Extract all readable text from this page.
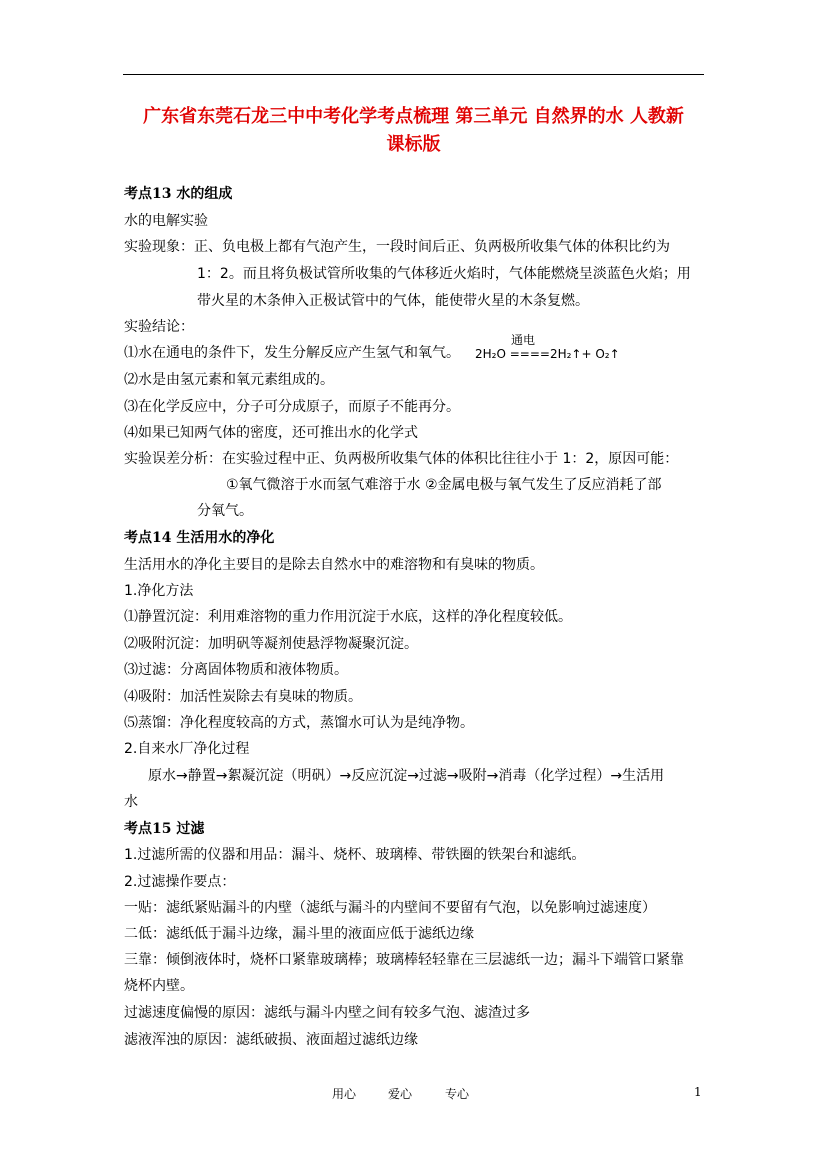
广东省东莞石龙三中中考化学考点梳理 第三单元 自然界的水 人教新
课标版
考点13 水的组成
水的电解实验
实验现象：正、负电极上都有气泡产生，一段时间后正、负两极所收集气体的体积比约为
1：2。而且将负极试管所收集的气体移近火焰时，气体能燃烧呈淡蓝色火焰；用
带火星的木条伸入正极试管中的气体，能使带火星的木条复燃。
实验结论：
⑴水在通电的条件下，发生分解反应产生氢气和氧气。
通电
2H₂O ====2H₂↑+ O₂↑
⑵水是由氢元素和氧元素组成的。
⑶在化学反应中，分子可分成原子，而原子不能再分。
⑷如果已知两气体的密度，还可推出水的化学式
实验误差分析：在实验过程中正、负两极所收集气体的体积比往往小于 1：2，原因可能：
①氧气微溶于水而氢气难溶于水 ②金属电极与氧气发生了反应消耗了部
分氧气。
考点14 生活用水的净化
生活用水的净化主要目的是除去自然水中的难溶物和有臭味的物质。
1.净化方法
⑴静置沉淀：利用难溶物的重力作用沉淀于水底，这样的净化程度较低。
⑵吸附沉淀：加明矾等凝剂使悬浮物凝聚沉淀。
⑶过滤：分离固体物质和液体物质。
⑷吸附：加活性炭除去有臭味的物质。
⑸蒸馏：净化程度较高的方式，蒸馏水可认为是纯净物。
2.自来水厂净化过程
原水→静置→絮凝沉淀（明矾）→反应沉淀→过滤→吸附→消毒（化学过程）→生活用
水
考点15 过滤
1.过滤所需的仪器和用品：漏斗、烧杯、玻璃棒、带铁圈的铁架台和滤纸。
2.过滤操作要点：
一贴：滤纸紧贴漏斗的内壁（滤纸与漏斗的内壁间不要留有气泡，以免影响过滤速度）
二低：滤纸低于漏斗边缘，漏斗里的液面应低于滤纸边缘
三靠：倾倒液体时，烧杯口紧靠玻璃棒；玻璃棒轻轻靠在三层滤纸一边；漏斗下端管口紧靠
烧杯内壁。
过滤速度偏慢的原因：滤纸与漏斗内壁之间有较多气泡、滤渣过多
滤液浑浊的原因：滤纸破损、液面超过滤纸边缘
用心	爱心	专心	1
